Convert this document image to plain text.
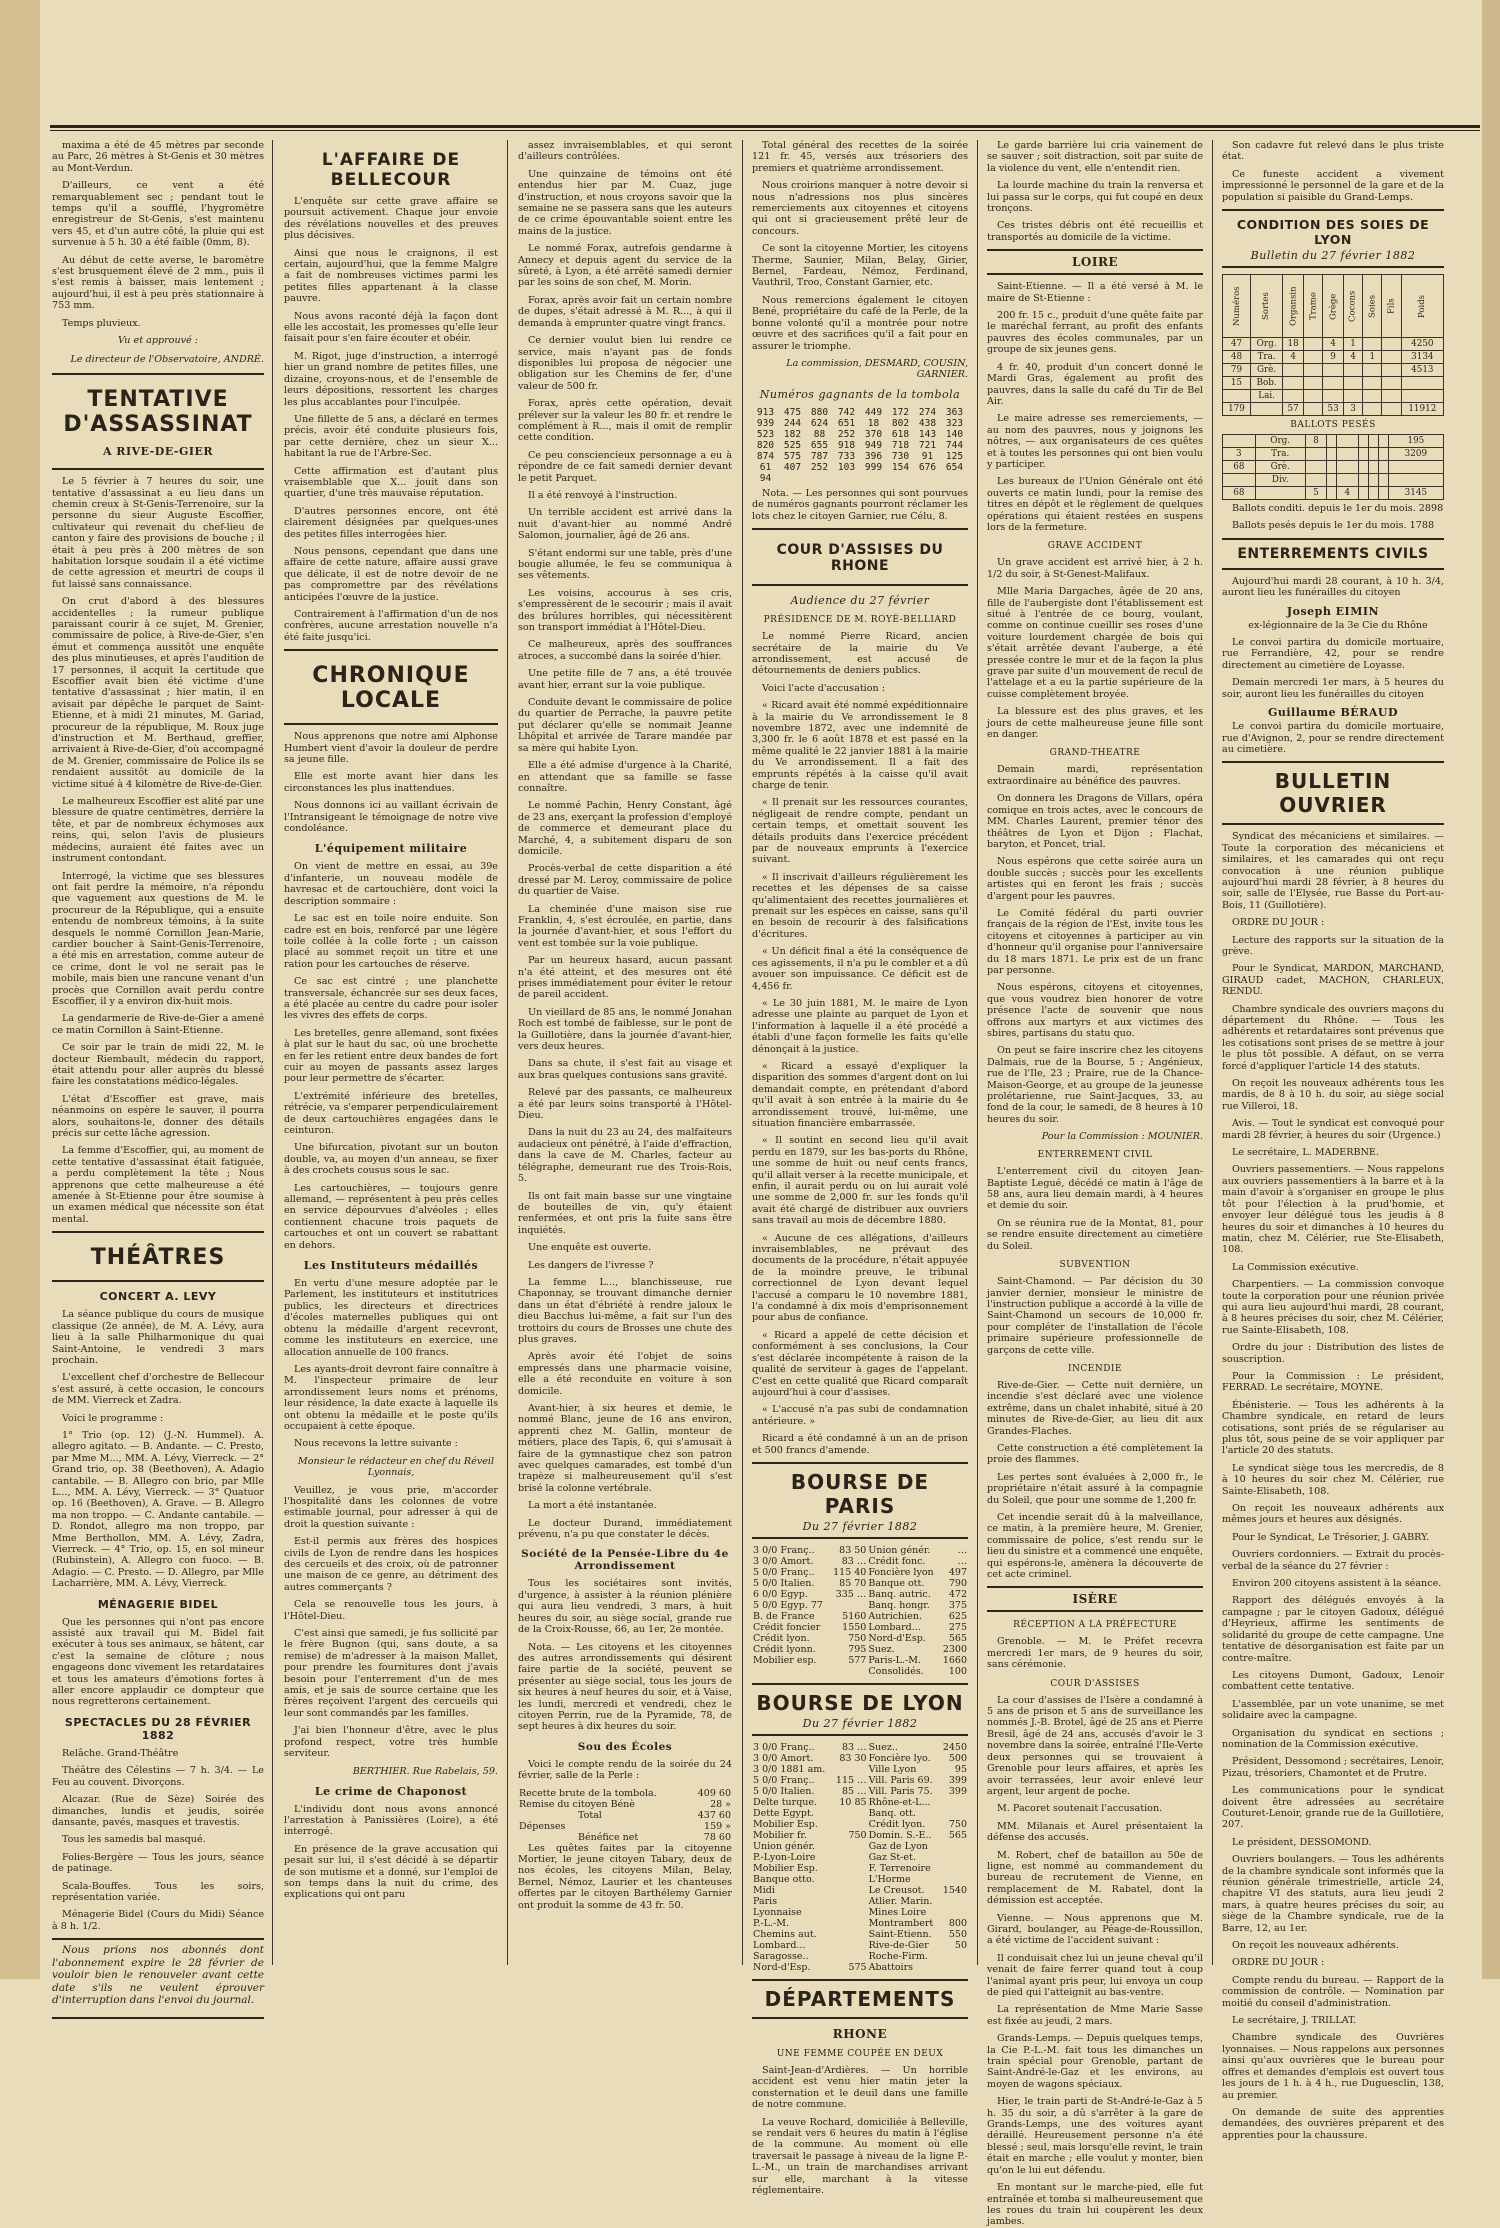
maxima a été de 45 mètres par seconde au Parc, 26 mètres à St-Genis et 30 mètres au Mont-Verdun.

D'ailleurs, ce vent a été remarquablement sec ; pendant tout le temps qu'il a soufflé, l'hygromètre enregistreur de St-Genis, s'est maintenu vers 45, et d'un autre côté, la pluie qui est survenue à 5 h. 30 a été faible (0mm, 8).

Au début de cette averse, le baromètre s'est brusquement élevé de 2 mm., puis il s'est remis à baisser, mais lentement ; aujourd'hui, il est à peu près stationnaire à 753 mm.

Temps pluvieux.

Vu et approuvé :
Le directeur de l'Observatoire, ANDRÉ.
TENTATIVE D'ASSASSINAT
A RIVE-DE-GIER

Le 5 février à 7 heures du soir, une tentative d'assassinat a eu lieu dans un chemin creux à St-Genis-Terrenoire, sur la personne du sieur Auguste Escoffier, cultivateur qui revenait du chef-lieu de canton y faire des provisions de bouche ; il était à peu près à 200 mètres de son habitation lorsque soudain il a été victime de cette agression et meurtri de coups il fut laissé sans connaissance.

On crut d'abord à des blessures accidentelles ; la rumeur publique paraissant courir à ce sujet, M. Grenier, commissaire de police, à Rive-de-Gier, s'en émut et commença aussitôt une enquête des plus minutieuses, et après l'audition de 17 personnes, il acquit la certitude que Escoffier avait bien été victime d'une tentative d'assassinat ; hier matin, il en avisait par dépêche le parquet de Saint-Etienne, et à midi 21 minutes, M. Gariad, procureur de la république, M. Roux juge d'instruction et M. Berthaud, greffier, arrivaient à Rive-de-Gier, d'où accompagné de M. Grenier, commissaire de Police ils se rendaient aussitôt au domicile de la victime situé à 4 kilomètre de Rive-de-Gier.

Le malheureux Escoffier est alité par une blessure de quatre centimètres, derrière la tête, et par de nombreux échymoses aux reins, qui, selon l'avis de plusieurs médecins, auraient été faites avec un instrument contondant.

Interrogé, la victime que ses blessures ont fait perdre la mémoire, n'a répondu que vaguement aux questions de M. le procureur de la République, qui a ensuite entendu de nombreux témoins, à la suite desquels le nommé Cornillon Jean-Marie, cardier boucher à Saint-Genis-Terrenoire, a été mis en arrestation, comme auteur de ce crime, dont le vol ne serait pas le mobile, mais bien une rancune venant d'un procès que Cornillon avait perdu contre Escoffier, il y a environ dix-huit mois.

La gendarmerie de Rive-de-Gier a amené ce matin Cornillon à Saint-Etienne.

Ce soir par le train de midi 22, M. le docteur Riembault, médecin du rapport, était attendu pour aller auprès du blessé faire les constatations médico-légales.

L'état d'Escoffier est grave, mais néanmoins on espère le sauver, il pourra alors, souhaitons-le, donner des détails précis sur cette lâche agression.

La femme d'Escoffier, qui, au moment de cette tentative d'assassinat était fatiguée, a perdu complètement la tête ; Nous apprenons que cette malheureuse a été amenée à St-Etienne pour être soumise à un examen médical que nécessite son état mental.

THÉÂTRES
CONCERT A. LEVY

La séance publique du cours de musique classique (2e année), de M. A. Lévy, aura lieu à la salle Philharmonique du quai Saint-Antoine, le vendredi 3 mars prochain.

L'excellent chef d'orchestre de Bellecour s'est assuré, à cette occasion, le concours de MM. Vierreck et Zadra.

Voici le programme :

1° Trio (op. 12) (J.-N. Hummel). A. allegro agitato. — B. Andante. — C. Presto, par Mme M..., MM. A. Lévy, Vierreck. — 2° Grand trio, op. 38 (Beethoven), A. Adagio cantabile. — B. Allegro con brio, par Mlle L..., MM. A. Lévy, Vierreck. — 3° Quatuor op. 16 (Beethoven), A. Grave. — B. Allegro ma non troppo. — C. Andante cantabile. — D. Rondot, allegro ma non troppo, par Mme Berthollon, MM. A. Lévy, Zadra, Vierreck. — 4° Trio, op. 15, en sol mineur (Rubinstein), A. Allegro con fuoco. — B. Adagio. — C. Presto. — D. Allegro, par Mlle Lacharrière, MM. A. Lévy, Vierreck.

MÉNAGERIE BIDEL

Que les personnes qui n'ont pas encore assisté aux travail qui M. Bidel fait exécuter à tous ses animaux, se hâtent, car c'est la semaine de clôture ; nous engageons donc vivement les retardataires et tous les amateurs d'émotions fortes à aller encore applaudir ce dompteur que nous regretterons certainement.

SPECTACLES DU 28 FÉVRIER 1882

Relâche. Grand-Théâtre

Théâtre des Célestins — 7 h. 3/4. — Le Feu au couvent. Divorçons.

Alcazar. (Rue de Sèze) Soirée des dimanches, lundis et jeudis, soirée dansante, pavés, masques et travestis.

Tous les samedis bal masqué.

Folies-Bergère — Tous les jours, séance de patinage.

Scala-Bouffes. Tous les soirs, représentation variée.

Ménagerie Bidel (Cours du Midi) Séance à 8 h. 1/2.

Nous prions nos abonnés dont l'abonnement expire le 28 février de vouloir bien le renouveler avant cette date s'ils ne veulent éprouver d'interruption dans l'envoi du journal.

L'AFFAIRE DE BELLECOUR

L'enquête sur cette grave affaire se poursuit activement. Chaque jour envoie des révélations nouvelles et des preuves plus décisives.

Ainsi que nous le craignons, il est certain, aujourd'hui, que la femme Malgre a fait de nombreuses victimes parmi les petites filles appartenant à la classe pauvre.

Nous avons raconté déjà la façon dont elle les accostait, les promesses qu'elle leur faisait pour s'en faire écouter et obéir.

M. Rigot, juge d'instruction, a interrogé hier un grand nombre de petites filles, une dizaine, croyons-nous, et de l'ensemble de leurs dépositions, ressortent les charges les plus accablantes pour l'inculpée.

Une fillette de 5 ans, a déclaré en termes précis, avoir été conduite plusieurs fois, par cette dernière, chez un sieur X... habitant la rue de l'Arbre-Sec.

Cette affirmation est d'autant plus vraisemblable que X... jouit dans son quartier, d'une très mauvaise réputation.

D'autres personnes encore, ont été clairement désignées par quelques-unes des petites filles interrogées hier.

Nous pensons, cependant que dans une affaire de cette nature, affaire aussi grave que délicate, il est de notre devoir de ne pas compromettre par des révélations anticipées l'œuvre de la justice.

Contrairement à l'affirmation d'un de nos confrères, aucune arrestation nouvelle n'a été faite jusqu'ici.

CHRONIQUE LOCALE

Nous apprenons que notre ami Alphonse Humbert vient d'avoir la douleur de perdre sa jeune fille.

Elle est morte avant hier dans les circonstances les plus inattendues.

Nous donnons ici au vaillant écrivain de l'Intransigeant le témoignage de notre vive condoléance.

L'équipement militaire

On vient de mettre en essai, au 39e d'infanterie, un nouveau modèle de havresac et de cartouchière, dont voici la description sommaire :

Le sac est en toile noire enduite. Son cadre est en bois, renforcé par une légère toile collée à la colle forte ; un caisson placé au sommet reçoit un titre et une ration pour les cartouches de réserve.

Ce sac est cintré ; une planchette transversale, échancrée sur ses deux faces, a été placée au centre du cadre pour isoler les vivres des effets de corps.

Les bretelles, genre allemand, sont fixées à plat sur le haut du sac, où une brochette en fer les retient entre deux bandes de fort cuir au moyen de passants assez larges pour leur permettre de s'écarter.

L'extrémité inférieure des bretelles, rétrécie, va s'emparer perpendiculairement de deux cartouchières engagées dans le ceinturon.

Une bifurcation, pivotant sur un bouton double, va, au moyen d'un anneau, se fixer à des crochets cousus sous le sac.

Les cartouchières, — toujours genre allemand, — représentent à peu près celles en service dépourvues d'alvéoles ; elles contiennent chacune trois paquets de cartouches et ont un couvert se rabattant en dehors.

Les Instituteurs médaillés

En vertu d'une mesure adoptée par le Parlement, les instituteurs et institutrices publics, les directeurs et directrices d'écoles maternelles publiques qui ont obtenu la médaille d'argent recevront, comme les instituteurs en exercice, une allocation annuelle de 100 francs.

Les ayants-droit devront faire connaître à M. l'inspecteur primaire de leur arrondissement leurs noms et prénoms, leur résidence, la date exacte à laquelle ils ont obtenu la médaille et le poste qu'ils occupaient à cette époque.

Nous recevons la lettre suivante :

Monsieur le rédacteur en chef du Réveil Lyonnais,

Veuillez, je vous prie, m'accorder l'hospitalité dans les colonnes de votre estimable journal, pour adresser à qui de droit la question suivante :

Est-il permis aux frères des hospices civils de Lyon de rendre dans les hospices des cercueils et des croix, où de patronner une maison de ce genre, au détriment des autres commerçants ?

Cela se renouvelle tous les jours, à l'Hôtel-Dieu.

C'est ainsi que samedi, je fus sollicité par le frère Bugnon (qui, sans doute, a sa remise) de m'adresser à la maison Mallet, pour prendre les fournitures dont j'avais besoin pour l'enterrement d'un de mes amis, et je sais de source certaine que les frères reçoivent l'argent des cercueils qui leur sont commandés par les familles.

J'ai bien l'honneur d'être, avec le plus profond respect, votre très humble serviteur.

BERTHIER. Rue Rabelais, 59.
Le crime de Chaponost

L'individu dont nous avons annoncé l'arrestation à Panissières (Loire), a été interrogé.

En présence de la grave accusation qui pesait sur lui, il s'est décidé à se départir de son mutisme et a donné, sur l'emploi de son temps dans la nuit du crime, des explications qui ont paru

assez invraisemblables, et qui seront d'ailleurs contrôlées.

Une quinzaine de témoins ont été entendus hier par M. Cuaz, juge d'instruction, et nous croyons savoir que la semaine ne se passera sans que les auteurs de ce crime épouvantable soient entre les mains de la justice.

Le nommé Forax, autrefois gendarme à Annecy et depuis agent du service de la sûreté, à Lyon, a été arrêté samedi dernier par les soins de son chef, M. Morin.

Forax, après avoir fait un certain nombre de dupes, s'était adressé à M. R..., à qui il demanda à emprunter quatre vingt francs.

Ce dernier voulut bien lui rendre ce service, mais n'ayant pas de fonds disponibles lui proposa de négocier une obligation sur les Chemins de fer, d'une valeur de 500 fr.

Forax, après cette opération, devait prélever sur la valeur les 80 fr. et rendre le complément à R..., mais il omit de remplir cette condition.

Ce peu consciencieux personnage a eu à répondre de ce fait samedi dernier devant le petit Parquet.

Il a été renvoyé à l'instruction.

Un terrible accident est arrivé dans la nuit d'avant-hier au nommé André Salomon, journalier, âgé de 26 ans.

S'étant endormi sur une table, près d'une bougie allumée, le feu se communiqua à ses vêtements.

Les voisins, accourus à ses cris, s'empressèrent de le secourir ; mais il avait des brûlures horribles, qui nécessitèrent son transport immédiat à l'Hôtel-Dieu.

Ce malheureux, après des souffrances atroces, a succombé dans la soirée d'hier.

Une petite fille de 7 ans, a été trouvée avant hier, errant sur la voie publique.

Conduite devant le commissaire de police du quartier de Perrache, la pauvre petite put déclarer qu'elle se nommait Jeanne Lhôpital et arrivée de Tarare mandée par sa mère qui habite Lyon.

Elle a été admise d'urgence à la Charité, en attendant que sa famille se fasse connaître.

Le nommé Pachin, Henry Constant, âgé de 23 ans, exerçant la profession d'employé de commerce et demeurant place du Marché, 4, a subitement disparu de son domicile.

Procès-verbal de cette disparition a été dressé par M. Leroy, commissaire de police du quartier de Vaise.

La cheminée d'une maison sise rue Franklin, 4, s'est écroulée, en partie, dans la journée d'avant-hier, et sous l'effort du vent est tombée sur la voie publique.

Par un heureux hasard, aucun passant n'a été atteint, et des mesures ont été prises immédiatement pour éviter le retour de pareil accident.

Un vieillard de 85 ans, le nommé Jonahan Roch est tombé de faiblesse, sur le pont de la Guillotière, dans la journée d'avant-hier, vers deux heures.

Dans sa chute, il s'est fait au visage et aux bras quelques contusions sans gravité.

Relevé par des passants, ce malheureux a été par leurs soins transporté à l'Hôtel-Dieu.

Dans la nuit du 23 au 24, des malfaiteurs audacieux ont pénétré, à l'aide d'effraction, dans la cave de M. Charles, facteur au télégraphe, demeurant rue des Trois-Rois, 5.

Ils ont fait main basse sur une vingtaine de bouteilles de vin, qu'y étaient renfermées, et ont pris la fuite sans être inquiétés.

Une enquête est ouverte.

Les dangers de l'ivresse ?

La femme L..., blanchisseuse, rue Chaponnay, se trouvant dimanche dernier dans un état d'ébriété à rendre jaloux le dieu Bacchus lui-même, a fait sur l'un des trottoirs du cours de Brosses une chute des plus graves.

Après avoir été l'objet de soins empressés dans une pharmacie voisine, elle a été reconduite en voiture à son domicile.

Avant-hier, à six heures et demie, le nommé Blanc, jeune de 16 ans environ, apprenti chez M. Gallin, monteur de métiers, place des Tapis, 6, qui s'amusait à faire de la gymnastique chez son patron avec quelques camarades, est tombé d'un trapèze si malheureusement qu'il s'est brisé la colonne vertébrale.

La mort a été instantanée.

Le docteur Durand, immédiatement prévenu, n'a pu que constater le décès.

Société de la Pensée-Libre du 4e Arrondissement

Tous les sociétaires sont invités, d'urgence, à assister à la réunion plénière qui aura lieu vendredi, 3 mars, à huit heures du soir, au siège social, grande rue de la Croix-Rousse, 66, au 1er, 2e montée.

Nota. — Les citoyens et les citoyennes des autres arrondissements qui désirent faire partie de la société, peuvent se présenter au siège social, tous les jours de six heures à neuf heures du soir, et à Vaise, les lundi, mercredi et vendredi, chez le citoyen Perrin, rue de la Pyramide, 78, de sept heures à dix heures du soir.

Sou des Écoles

Voici le compte rendu de la soirée du 24 février, salle de la Perle :

Recette brute de la tombola.	409 60
Remise du citoyen Bénè	28 »
Total	437 60
Dépenses	159 »
Bénéfice net	78 60

Les quêtes faites par la citoyenne Mortier, le jeune citoyen Tabary, deux de nos écoles, les citoyens Milan, Belay, Bernel, Némoz, Laurier et les chanteuses offertes par le citoyen Barthélemy Garnier ont produit la somme de 43 fr. 50.

Total général des recettes de la soirée 121 fr. 45, versés aux trésoriers des premiers et quatrième arrondissement.

Nous croirions manquer à notre devoir si nous n'adressions nos plus sincères remerciements aux citoyennes et citoyens qui ont si gracieusement prêté leur de concours.

Ce sont la citoyenne Mortier, les citoyens Therme, Saunier, Milan, Belay, Girier, Bernel, Fardeau, Némoz, Ferdinand, Vauthril, Troo, Constant Garnier, etc.

Nous remercions également le citoyen Bené, propriétaire du café de la Perle, de la bonne volonté qu'il a montrée pour notre œuvre et des sacrifices qu'il a fait pour en assurer le triomphe.

La commission, DESMARD, COUSIN, GARNIER.
Numéros gagnants de la tombola
913	475	880	742	449	172	274	363
939	244	624	651	18	802	438	323
523	182	88	252	370	618	143	140
820	525	655	918	949	718	721	744
874	575	787	733	396	730	91	125
61	407	252	103	999	154	676	654
94							

Nota. — Les personnes qui sont pourvues de numéros gagnants pourront réclamer les lots chez le citoyen Garnier, rue Célu, 8.

COUR D'ASSISES DU RHONE
Audience du 27 février
PRÉSIDENCE DE M. ROYÉ-BELLIARD

Le nommé Pierre Ricard, ancien secrétaire de la mairie du Ve arrondissement, est accusé de détournements de deniers publics.

Voici l'acte d'accusation :

« Ricard avait été nommé expéditionnaire à la mairie du Ve arrondissement le 8 novembre 1872, avec une indemnité de 3,300 fr. le 6 août 1878 et est passé en la même qualité le 22 janvier 1881 à la mairie du Ve arrondissement. Il a fait des emprunts répétés à la caisse qu'il avait charge de tenir.

« Il prenait sur les ressources courantes, négligeait de rendre compte, pendant un certain temps, et omettait souvent les détails produits dans l'exercice précédent par de nouveaux emprunts à l'exercice suivant.

« Il inscrivait d'ailleurs régulièrement les recettes et les dépenses de sa caisse qu'alimentaient des recettes journalières et prenait sur les espèces en caisse, sans qu'il en besoin de recourir à des falsifications d'écritures.

« Un déficit final a été la conséquence de ces agissements, il n'a pu le combler et a dû avouer son impuissance. Ce déficit est de 4,456 fr.

« Le 30 juin 1881, M. le maire de Lyon adresse une plainte au parquet de Lyon et l'information à laquelle il a été procédé a établi d'une façon formelle les faits qu'elle dénonçait à la justice.

« Ricard a essayé d'expliquer la disparition des sommes d'argent dont on lui demandait compte, en prétendant d'abord qu'il avait à son entrée à la mairie du 4e arrondissement trouvé, lui-même, une situation financière embarrassée.

« Il soutint en second lieu qu'il avait perdu en 1879, sur les bas-ports du Rhône, une somme de huit ou neuf cents francs, qu'il allait verser à la recette municipale, et enfin, il aurait perdu ou on lui aurait volé une somme de 2,000 fr. sur les fonds qu'il avait été chargé de distribuer aux ouvriers sans travail au mois de décembre 1880.

« Aucune de ces allégations, d'ailleurs invraisemblables, ne prévaut des documents de la procédure, n'était appuyée de la moindre preuve, le tribunal correctionnel de Lyon devant lequel l'accusé a comparu le 10 novembre 1881, l'a condamné à dix mois d'emprisonnement pour abus de confiance.

« Ricard a appelé de cette décision et conformément à ses conclusions, la Cour s'est déclarée incompétente à raison de la qualité de serviteur à gages de l'appelant. C'est en cette qualité que Ricard comparaît aujourd'hui à cour d'assises.

« L'accusé n'a pas subi de condamnation antérieure. »

Ricard a été condamné à un an de prison et 500 francs d'amende.

BOURSE DE PARIS
Du 27 février 1882
3 0/0 Franç..	83 50	Union génér.	…
3 0/0 Amort.	83 …	Crédit fonc.	…
5 0/0 Franç..	115 40	Foncière lyon	497
5 0/0 Italien.	85 70	Banque ott.	790
6 0/0 Egyp.	335 …	Banq. autric.	472
5 0/0 Egyp. 77		Banq. hongr.	375
B. de France	5160	Autrichien.	625
Crédit foncier	1550	Lombard...	275
Crédit lyon.	750	Nord-d'Esp.	565
Crédit lyonn.	795	Suez.	2300
Mobilier esp.	577	Paris-L.-M.	1660
		Consolidés.	100
BOURSE DE LYON
Du 27 février 1882
3 0/0 Franç..	83 …	Suez..	2450
3 0/0 Amort.	83 30	Foncière lyo.	500
3 0/0 1881 am.		Ville Lyon	95
5 0/0 Franç..	115 …	Vill. Paris 69.	399
5 0/0 Italien.	85 …	Vill. Paris 75.	399
Delte turque.	10 85	Rhône-et-L...	
Dette Egypt.		Banq. ott.	
Mobilier Esp.		Crédit lyon.	750
Mobilier fr.	750	Domin. S.-E..	565
Union génér.		Gaz de Lyon	
P.-Lyon-Loire		Gaz St-et.	
Mobilier Esp.		F. Terrenoire	
Banque otto.		L'Horme	
Midi		Le Creusot.	1540
Paris		Atlier. Marin.	
Lyonnaise		Mines Loire	
P.-L.-M.		Montrambert	800
Chemins aut.		Saint-Etienn.	550
Lombard...		Rive-de-Gier	50
Saragosse..		Roche-Firm.	
Nord-d'Esp.	575	Abattoirs	
DÉPARTEMENTS
RHONE
UNE FEMME COUPÉE EN DEUX

Saint-Jean-d'Ardières. — Un horrible accident est venu hier matin jeter la consternation et le deuil dans une famille de notre commune.

La veuve Rochard, domiciliée à Belleville, se rendait vers 6 heures du matin à l'église de la commune. Au moment où elle traversait le passage à niveau de la ligne P.-L.-M., un train de marchandises arrivant sur elle, marchant à la vitesse réglementaire.

Le garde barrière lui cria vainement de se sauver ; soit distraction, soit par suite de la violence du vent, elle n'entendit rien.

La lourde machine du train la renversa et lui passa sur le corps, qui fut coupé en deux tronçons.

Ces tristes débris ont été recueillis et transportés au domicile de la victime.

LOIRE

Saint-Etienne. — Il a été versé à M. le maire de St-Etienne :

200 fr. 15 c., produit d'une quête faite par le maréchal ferrant, au profit des enfants pauvres des écoles communales, par un groupe de six jeunes gens.

4 fr. 40, produit d'un concert donné le Mardi Gras, également au profit des pauvres, dans la salle du café du Tir de Bel Air.

Le maire adresse ses remerciements, — au nom des pauvres, nous y joignons les nôtres, — aux organisateurs de ces quêtes et à toutes les personnes qui ont bien voulu y participer.

Les bureaux de l'Union Générale ont été ouverts ce matin lundi, pour la remise des titres en dépôt et le règlement de quelques opérations qui étaient restées en suspens lors de la fermeture.

GRAVE ACCIDENT

Un grave accident est arrivé hier, à 2 h. 1/2 du soir, à St-Genest-Malifaux.

Mlle Maria Dargaches, âgée de 20 ans, fille de l'aubergiste dont l'établissement est situé à l'entrée de ce bourg, voulant, comme on continue cueillir ses roses d'une voiture lourdement chargée de bois qui s'était arrêtée devant l'auberge, a été pressée contre le mur et de la façon la plus grave par suite d'un mouvement de recul de l'attelage et a eu la partie supérieure de la cuisse complètement broyée.

La blessure est des plus graves, et les jours de cette malheureuse jeune fille sont en danger.

GRAND-THEATRE

Demain mardi, représentation extraordinaire au bénéfice des pauvres.

On donnera les Dragons de Villars, opéra comique en trois actes, avec le concours de MM. Charles Laurent, premier ténor des théâtres de Lyon et Dijon ; Flachat, baryton, et Poncet, trial.

Nous espérons que cette soirée aura un double succès ; succès pour les excellents artistes qui en feront les frais ; succès d'argent pour les pauvres.

Le Comité fédéral du parti ouvrier français de la région de l'Est, invite tous les citoyens et citoyennes à participer au vin d'honneur qu'il organise pour l'anniversaire du 18 mars 1871. Le prix est de un franc par personne.

Nous espérons, citoyens et citoyennes, que vous voudrez bien honorer de votre présence l'acte de souvenir que nous offrons aux martyrs et aux victimes des sbires, partisans du statu quo.

On peut se faire inscrire chez les citoyens Dalmais, rue de la Bourse, 5 ; Angénieux, rue de l'Ile, 23 ; Praire, rue de la Chance-Maison-George, et au groupe de la jeunesse prolétarienne, rue Saint-Jacques, 33, au fond de la cour, le samedi, de 8 heures à 10 heures du soir.

Pour la Commission : MOUNIER.
ENTERREMENT CIVIL

L'enterrement civil du citoyen Jean-Baptiste Legué, décédé ce matin à l'âge de 58 ans, aura lieu demain mardi, à 4 heures et demie du soir.

On se réunira rue de la Montat, 81, pour se rendre ensuite directement au cimetière du Soleil.

SUBVENTION

Saint-Chamond. — Par décision du 30 janvier dernier, monsieur le ministre de l'instruction publique a accordé à la ville de Saint-Chamond un secours de 10,000 fr. pour compléter de l'installation de l'école primaire supérieure professionnelle de garçons de cette ville.

INCENDIE

Rive-de-Gier. — Cette nuit dernière, un incendie s'est déclaré avec une violence extrême, dans un chalet inhabité, situé à 20 minutes de Rive-de-Gier, au lieu dit aux Grandes-Flaches.

Cette construction a été complètement la proie des flammes.

Les pertes sont évaluées à 2,000 fr., le propriétaire n'était assuré à la compagnie du Soleil, que pour une somme de 1,200 fr.

Cet incendie serait dû à la malveillance, ce matin, à la première heure, M. Grenier, commissaire de police, s'est rendu sur le lieu du sinistre et a commencé une enquête, qui espérons-le, amènera la découverte de cet acte criminel.

ISÈRE
RÉCEPTION A LA PRÉFECTURE

Grenoble. — M. le Préfet recevra mercredi 1er mars, de 9 heures du soir, sans cérémonie.

COUR D'ASSISES

La cour d'assises de l'Isère a condamné à 5 ans de prison et 5 ans de surveillance les nommés J.-B. Brotel, âgé de 25 ans et Pierre Bresil, âgé de 24 ans, accusés d'avoir le 3 novembre dans la soirée, entraîné l'Ile-Verte deux personnes qui se trouvaient à Grenoble pour leurs affaires, et après les avoir terrassées, leur avoir enlevé leur argent, leur argent de poche.

M. Pacoret soutenait l'accusation.

MM. Milanais et Aurel présentaient la défense des accusés.

M. Robert, chef de bataillon au 50e de ligne, est nommé au commandement du bureau de recrutement de Vienne, en remplacement de M. Rabatel, dont la démission est acceptée.

Vienne. — Nous apprenons que M. Girard, boulanger, au Péage-de-Roussillon, a été victime de l'accident suivant :

Il conduisait chez lui un jeune cheval qu'il venait de faire ferrer quand tout à coup l'animal ayant pris peur, lui envoya un coup de pied qui l'atteignit au bas-ventre.

La représentation de Mme Marie Sasse est fixée au jeudi, 2 mars.

Grands-Lemps. — Depuis quelques temps, la Cie P.-L.-M. fait tous les dimanches un train spécial pour Grenoble, partant de Saint-André-le-Gaz et les environs, au moyen de wagons spéciaux.

Hier, le train parti de St-André-le-Gaz à 5 h. 35 du soir, a dû s'arrêter à la gare de Grands-Lemps, une des voitures ayant déraillé. Heureusement personne n'a été blessé ; seul, mais lorsqu'elle revint, le train était en marche ; elle voulut y monter, bien qu'on le lui eut défendu.

En montant sur le marche-pied, elle fut entraînée et tomba si malheureusement que les roues du train lui coupèrent les deux jambes.

Son cadavre fut relevé dans le plus triste état.

Ce funeste accident a vivement impressionné le personnel de la gare et de la population si paisible du Grand-Lemps.

CONDITION DES SOIES DE LYON
Bulletin du 27 février 1882
Numéros	Sortes	Organsin	Trame	Grège	Cocons	Soies	Fils	Poids
47	Org.	18		4	1			4250
48	Tra.	4		9	4	1		3134
79	Grè.							4513
15	Bob.							
	Lai.							
179		57		53	3			11912
BALLOTS PESÉS
	Org.	8						195
3	Tra.							3209
68	Grè.							
	Div.							
68		5		4				3145

Ballots conditi. depuis le 1er du mois. 2898

Ballots pesés depuis le 1er du mois. 1788

ENTERREMENTS CIVILS

Aujourd'hui mardi 28 courant, à 10 h. 3/4, auront lieu les funérailles du citoyen

Joseph EIMIN

ex-légionnaire de la 3e Cie du Rhône

Le convoi partira du domicile mortuaire, rue Ferrandière, 42, pour se rendre directement au cimetière de Loyasse.

Demain mercredi 1er mars, à 5 heures du soir, auront lieu les funérailles du citoyen

Guillaume BÉRAUD

Le convoi partira du domicile mortuaire, rue d'Avignon, 2, pour se rendre directement au cimetière.

BULLETIN OUVRIER

Syndicat des mécaniciens et similaires. — Toute la corporation des mécaniciens et similaires, et les camarades qui ont reçu convocation à une réunion publique aujourd'hui mardi 28 février, à 8 heures du soir, salle de l'Elysée, rue Basse du Port-au-Bois, 11 (Guillotière).

ORDRE DU JOUR :

Lecture des rapports sur la situation de la grève.

Pour le Syndicat, MARDON, MARCHAND, GIRAUD cadet, MACHON, CHARLEUX, RENDU.

Chambre syndicale des ouvriers maçons du département du Rhône. — Tous les adhérents et retardataires sont prévenus que les cotisations sont prises de se mettre à jour le plus tôt possible. A défaut, on se verra forcé d'appliquer l'article 14 des statuts.

On reçoit les nouveaux adhérents tous les mardis, de 8 à 10 h. du soir, au siège social rue Villeroi, 18.

Avis. — Tout le syndicat est convoqué pour mardi 28 février, à heures du soir (Urgence.)

Le secrétaire, L. MADERBNE.

Ouvriers passementiers. — Nous rappelons aux ouvriers passementiers à la barre et à la main d'avoir à s'organiser en groupe le plus tôt pour l'élection à la prud'homie, et envoyer leur délégué tous les jeudis à 8 heures du soir et dimanches à 10 heures du matin, chez M. Célérier, rue Ste-Elisabeth, 108.

La Commission exécutive.

Charpentiers. — La commission convoque toute la corporation pour une réunion privée qui aura lieu aujourd'hui mardi, 28 courant, à 8 heures précises du soir, chez M. Célérier, rue Sainte-Elisabeth, 108.

Ordre du jour : Distribution des listes de souscription.

Pour la Commission : Le président, FERRAD. Le secrétaire, MOYNE.

Ébénisterie. — Tous les adhérents à la Chambre syndicale, en retard de leurs cotisations, sont priés de se régulariser au plus tôt, sous peine de se voir appliquer par l'article 20 des statuts.

Le syndicat siège tous les mercredis, de 8 à 10 heures du soir chez M. Célérier, rue Sainte-Elisabeth, 108.

On reçoit les nouveaux adhérents aux mêmes jours et heures aux désignés.

Pour le Syndicat, Le Trésorier, J. GABRY.

Ouvriers cordonniers. — Extrait du procès-verbal de la séance du 27 février :

Environ 200 citoyens assistent à la séance.

Rapport des délégués envoyés à la campagne ; par le citoyen Gadoux, délégué d'Heyrieux, affirme les sentiments de solidarité du groupe de cette campagne. Une tentative de désorganisation est faite par un contre-maître.

Les citoyens Dumont, Gadoux, Lenoir combattent cette tentative.

L'assemblée, par un vote unanime, se met solidaire avec la campagne.

Organisation du syndicat en sections ; nomination de la Commission exécutive.

Président, Dessomond ; secrétaires, Lenoir, Pizau, trésoriers, Chamontet et de Prutre.

Les communications pour le syndicat doivent être adressées au secrétaire Couturet-Lenoir, grande rue de la Guillotière, 207.

Le président, DESSOMOND.

Ouvriers boulangers. — Tous les adhérents de la chambre syndicale sont informés que la réunion générale trimestrielle, article 24, chapitre VI des statuts, aura lieu jeudi 2 mars, à quatre heures précises du soir, au siège de la Chambre syndicale, rue de la Barre, 12, au 1er.

On reçoit les nouveaux adhérents.

ORDRE DU JOUR :

Compte rendu du bureau. — Rapport de la commission de contrôle. — Nomination par moitié du conseil d'administration.

Le secrétaire, J. TRILLAT.

Chambre syndicale des Ouvrières lyonnaises. — Nous rappelons aux personnes ainsi qu'aux ouvrières que le bureau pour offres et demandes d'emplois est ouvert tous les jours de 1 h. à 4 h., rue Duguesclin, 138, au premier.

On demande de suite des apprenties demandées, des ouvrières préparent et des apprenties pour la chaussure.
